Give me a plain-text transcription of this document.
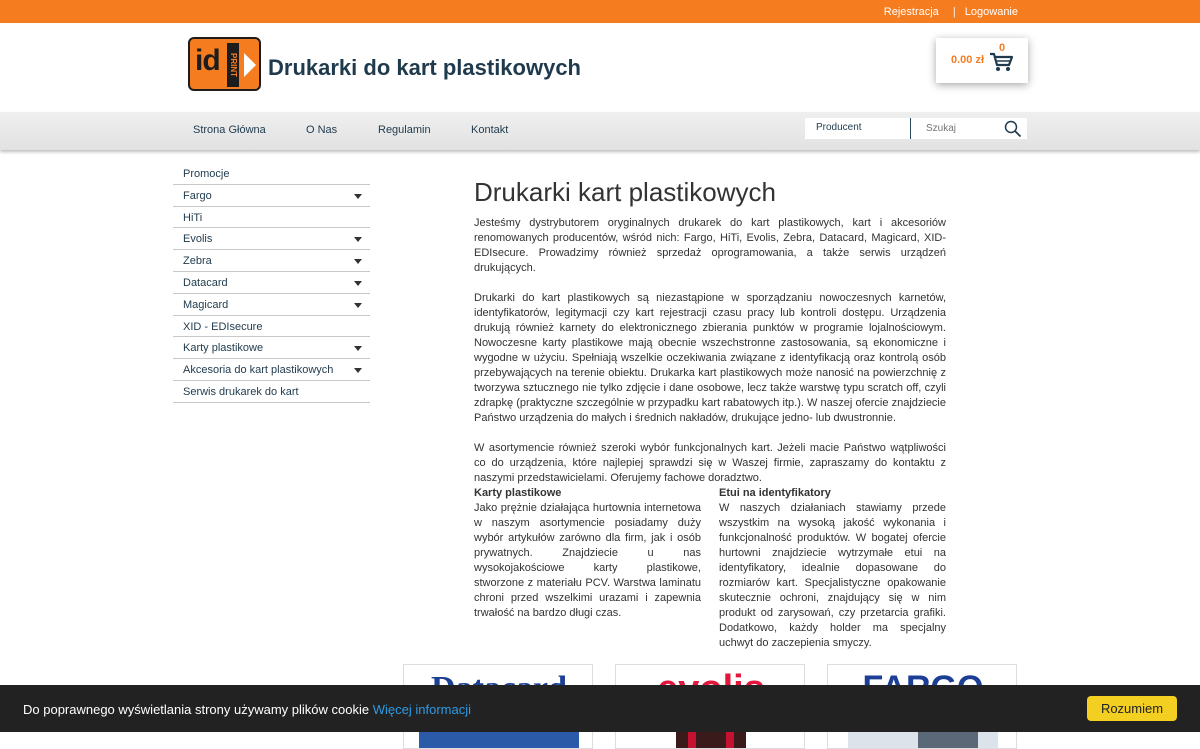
Rejestracja | Logowanie
id PRINT Drukarki do kart plastikowych	0.00 zł
0
Strona Główna	O Nas	Regulamin	Kontakt	Producent
Szukaj
Promocje
Fargo
HiTi
Evolis
Zebra
Datacard
Magicard
XID - EDIsecure
Karty plastikowe
Akcesoria do kart plastikowych
Serwis drukarek do kart
Drukarki kart plastikowych

Jesteśmy dystrybutorem oryginalnych drukarek do kart plastikowych, kart i akcesoriów renomowanych producentów, wśród nich: Fargo, HiTi, Evolis, Zebra, Datacard, Magicard, XID-EDIsecure. Prowadzimy również sprzedaż oprogramowania, a także serwis urządzeń drukujących.

Drukarki do kart plastikowych są niezastąpione w sporządzaniu nowoczesnych karnetów, identyfikatorów, legitymacji czy kart rejestracji czasu pracy lub kontroli dostępu. Urządzenia drukują również karnety do elektronicznego zbierania punktów w programie lojalnościowym. Nowoczesne karty plastikowe mają obecnie wszechstronne zastosowania, są ekonomiczne i wygodne w użyciu. Spełniają wszelkie oczekiwania związane z identyfikacją oraz kontrolą osób przebywających na terenie obiektu. Drukarka kart plastikowych może nanosić na powierzchnię z tworzywa sztucznego nie tylko zdjęcie i dane osobowe, lecz także warstwę typu scratch off, czyli zdrapkę (praktyczne szczególnie w przypadku kart rabatowych itp.). W naszej ofercie znajdziecie Państwo urządzenia do małych i średnich nakładów, drukujące jedno- lub dwustronnie.

W asortymencie również szeroki wybór funkcjonalnych kart. Jeżeli macie Państwo wątpliwości co do urządzenia, które najlepiej sprawdzi się w Waszej firmie, zapraszamy do kontaktu z naszymi przedstawicielami. Oferujemy fachowe doradztwo.

Karty plastikowe
Jako prężnie działająca hurtownia internetowa w naszym asortymencie posiadamy duży wybór artykułów zarówno dla firm, jak i osób prywatnych. Znajdziecie u nas wysokojakościowe karty plastikowe, stworzone z materiału PCV. Warstwa laminatu chroni przed wszelkimi urazami i zapewnia trwałość na bardzo długi czas.
Etui na identyfikatory
W naszych działaniach stawiamy przede wszystkim na wysoką jakość wykonania i funkcjonalność produktów. W bogatej ofercie hurtowni znajdziecie wytrzymałe etui na identyfikatory, idealnie dopasowane do rozmiarów kart. Specjalistyczne opakowanie skutecznie ochroni, znajdujący się w nim produkt od zarysowań, czy przetarcia grafiki. Dodatkowo, każdy holder ma specjalny uchwyt do zaczepienia smyczy.
Do poprawnego wyświetlania strony używamy plików cookie Więcej informacji	Rozumiem
www.tcbn.pl
